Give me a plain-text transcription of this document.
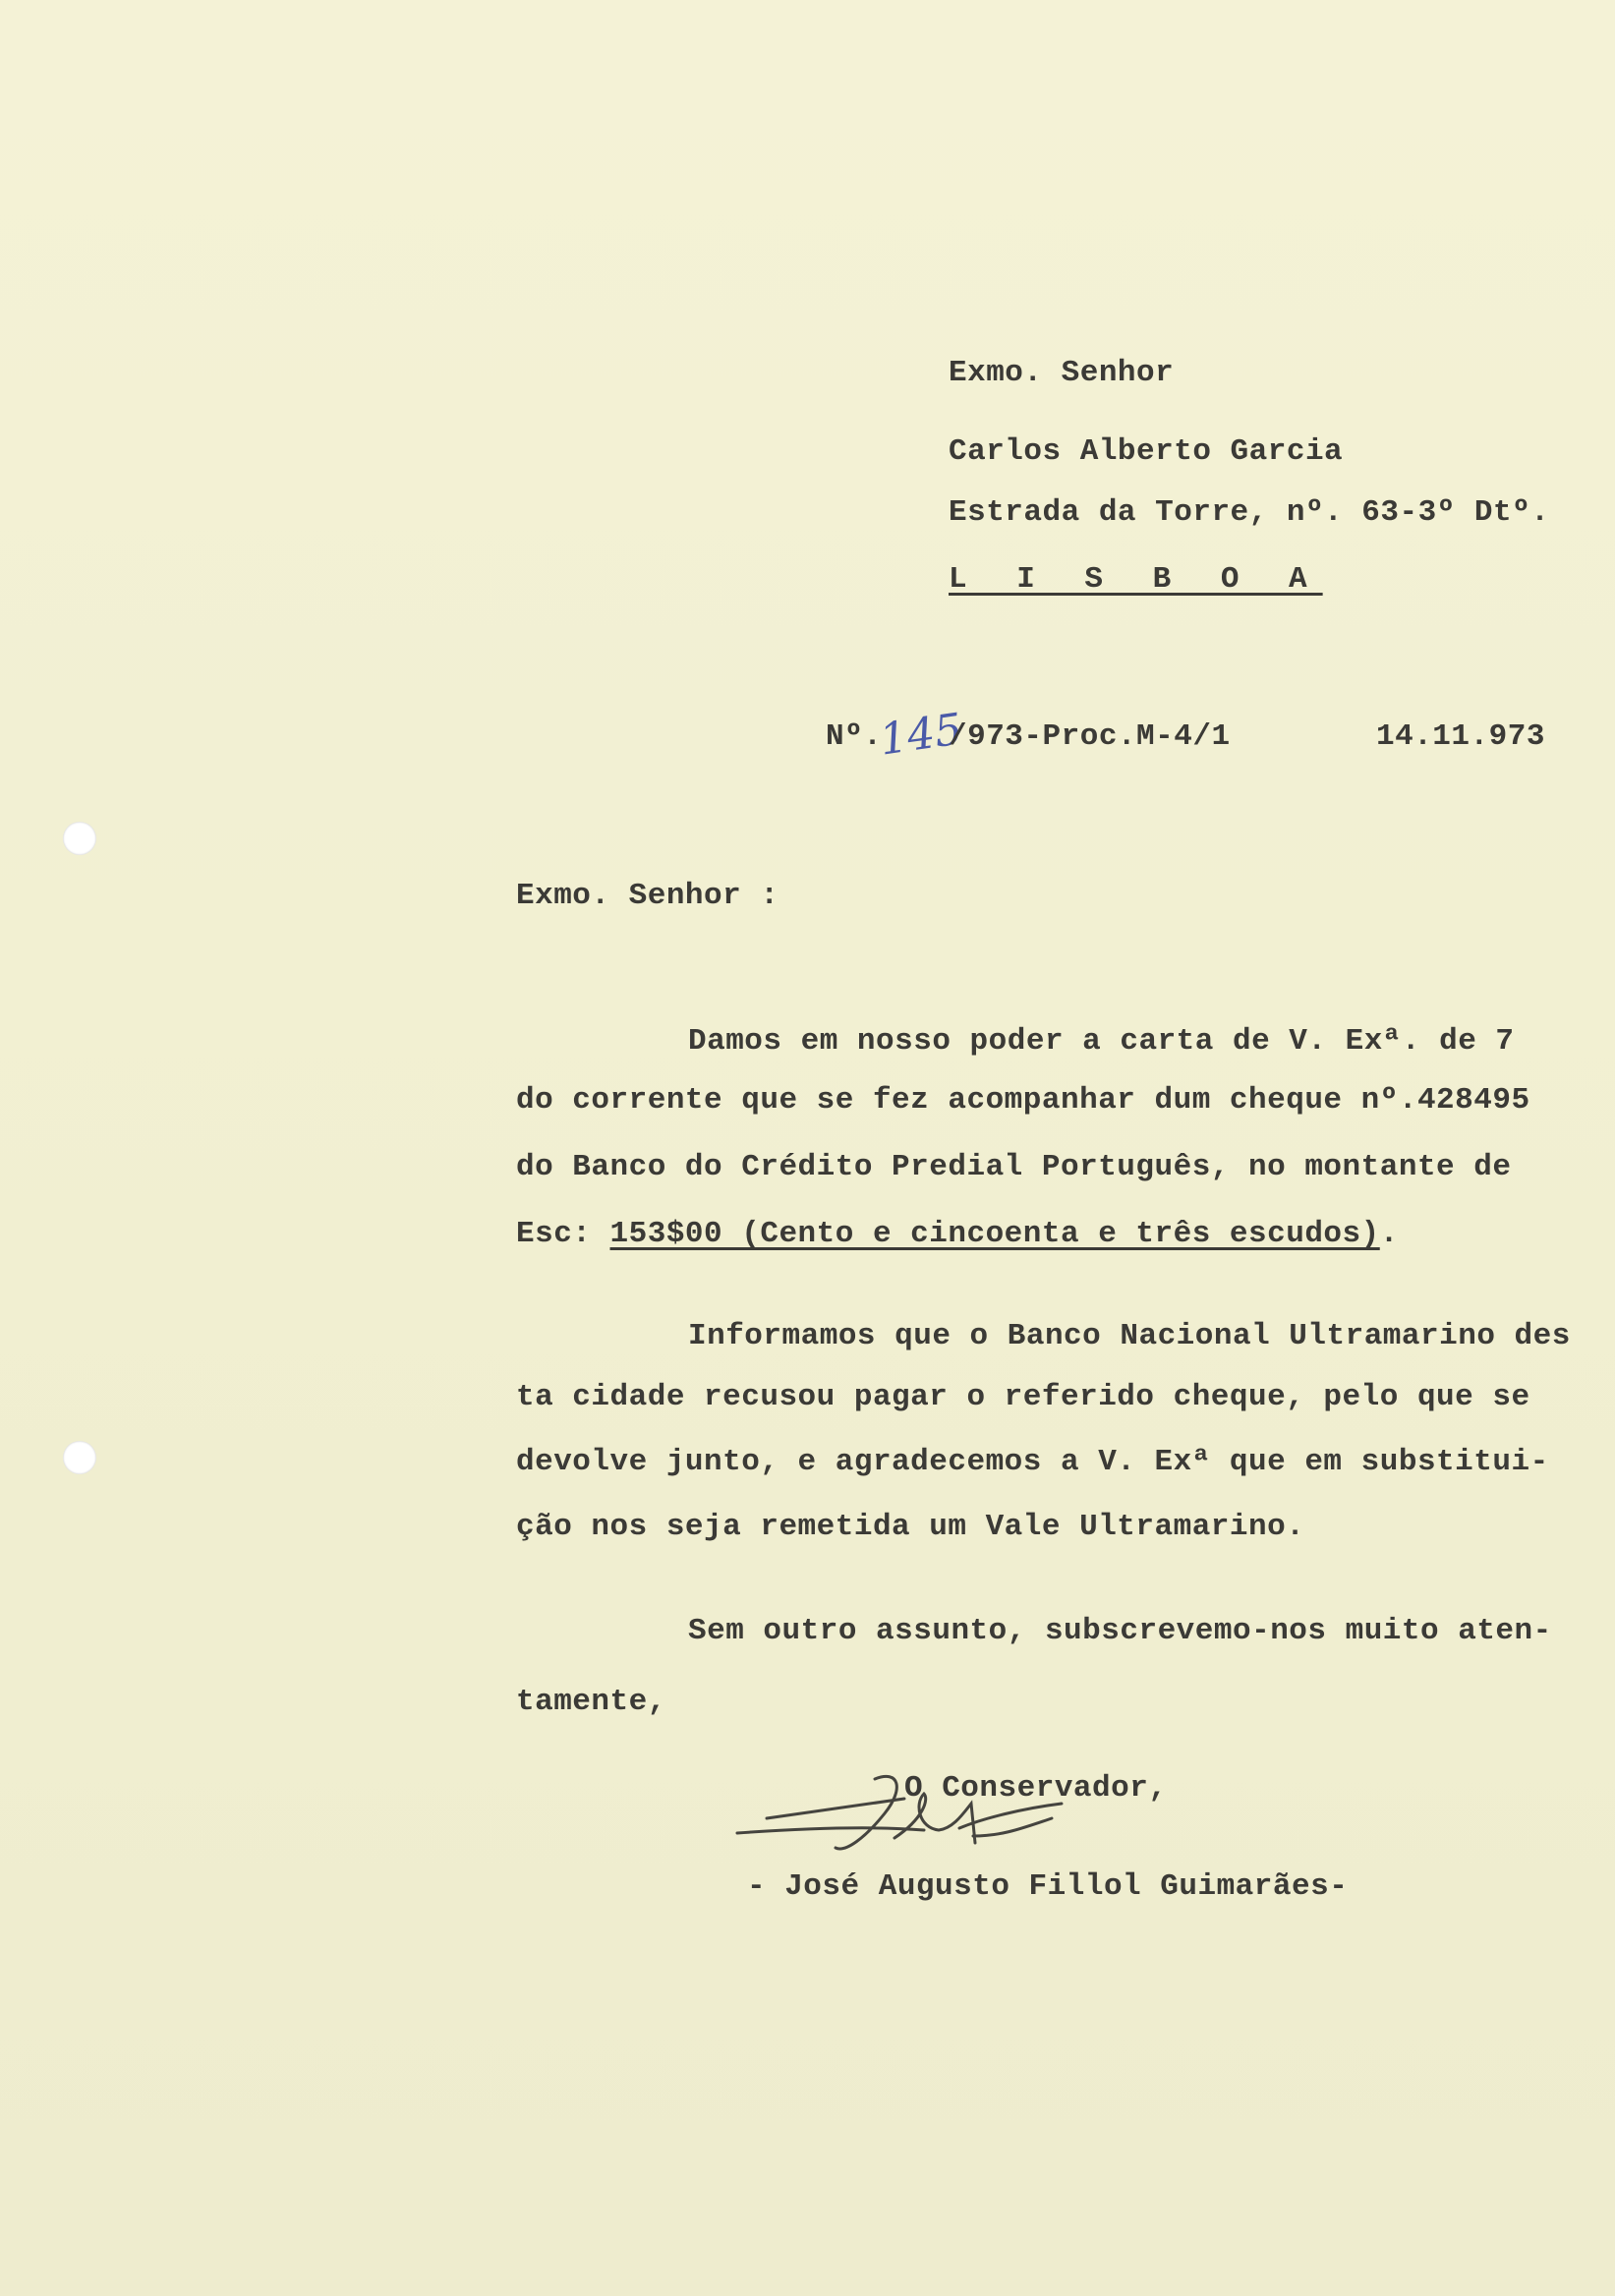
Exmo. Senhor
Carlos Alberto Garcia
Estrada da Torre, nº. 63-3º Dtº.
L I S B O A
Nº.
145
/973-Proc.M-4/1	14.11.973
Exmo. Senhor :
Damos em nosso poder a carta de V. Exª. de 7
do corrente que se fez acompanhar dum cheque nº.428495
do Banco do Crédito Predial Português, no montante de
Esc: 153$00 (Cento e cincoenta e três escudos).
Informamos que o Banco Nacional Ultramarino des
ta cidade recusou pagar o referido cheque, pelo que se
devolve junto, e agradecemos a V. Exª que em substitui-
ção nos seja remetida um Vale Ultramarino.
Sem outro assunto, subscrevemo-nos muito aten-
tamente,
O Conservador,
- José Augusto Fillol Guimarães-
